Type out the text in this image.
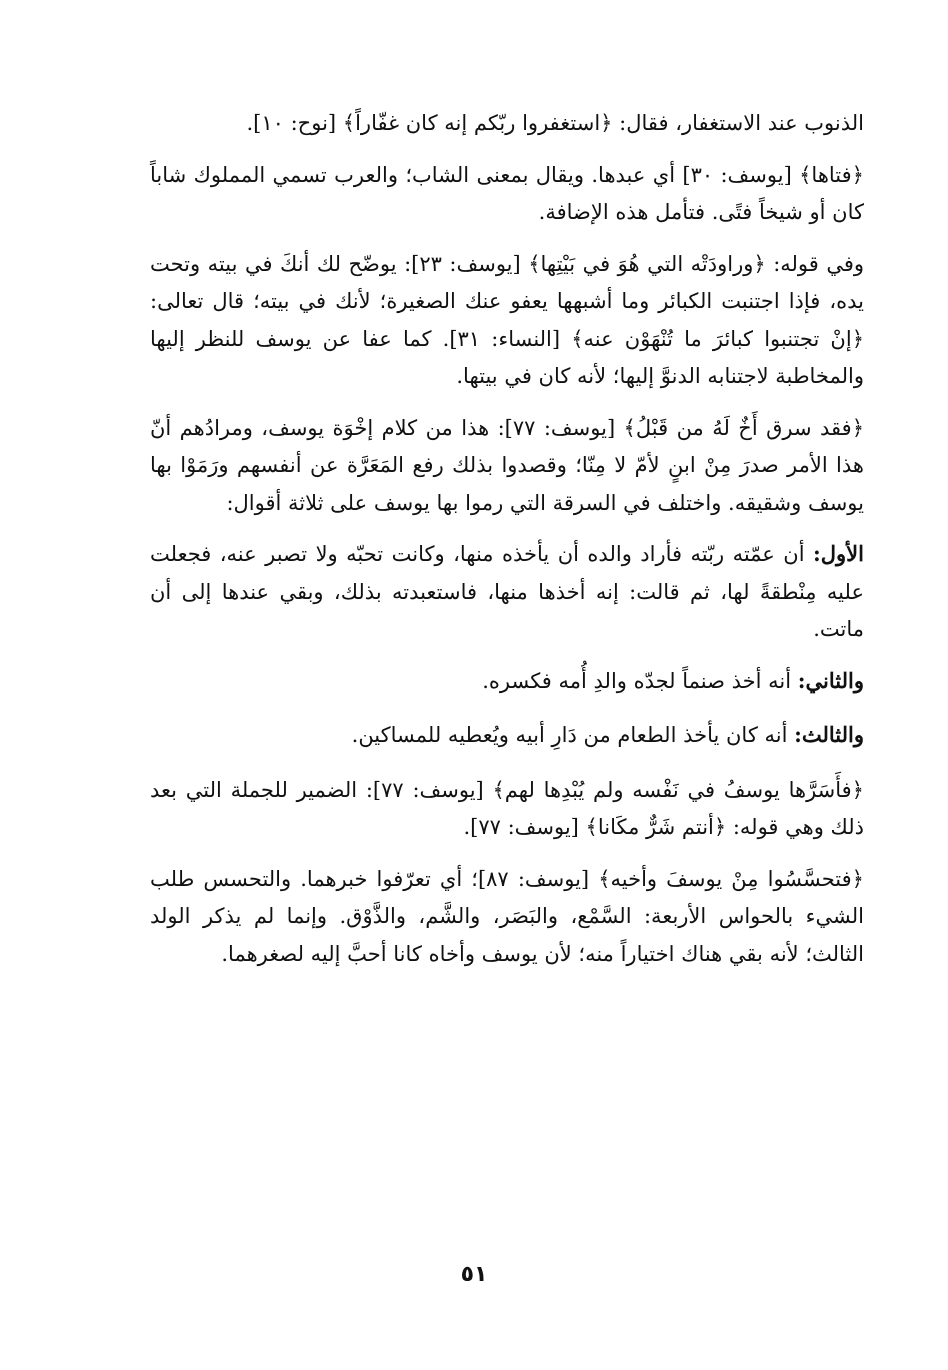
الذنوب عند الاستغفار، فقال: ﴿استغفروا ربّكم إنه كان غفّاراً﴾ [نوح: ١٠].

﴿فتاها﴾ [يوسف: ٣٠] أي عبدها. ويقال بمعنى الشاب؛ والعرب تسمي المملوك شاباً كان أو شيخاً فتًى. فتأمل هذه الإضافة.

وفي قوله: ﴿وراودَتْه التي هُوَ في بَيْتِها﴾ [يوسف: ٢٣]: يوضّح لك أنكَ في بيته وتحت يده، فإذا اجتنبت الكبائر وما أشبهها يعفو عنك الصغيرة؛ لأنك في بيته؛ قال تعالى: ﴿إنْ تجتنبوا كبائرَ ما تُنْهَوْن عنه﴾ [النساء: ٣١]. كما عفا عن يوسف للنظر إليها والمخاطبة لاجتنابه الدنوَّ إليها؛ لأنه كان في بيتها.

﴿فقد سرق أَخٌ لَهُ من قَبْلُ﴾ [يوسف: ٧٧]: هذا من كلام إخْوَة يوسف، ومرادُهم أنّ هذا الأمر صدرَ مِنْ ابنٍ لأمّ لا مِنّا؛ وقصدوا بذلك رفع المَعَرَّة عن أنفسهم ورَمَوْا بها يوسف وشقيقه. واختلف في السرقة التي رموا بها يوسف على ثلاثة أقوال:

الأول: أن عمّته ربّته فأراد والده أن يأخذه منها، وكانت تحبّه ولا تصبر عنه، فجعلت عليه مِنْطقةً لها، ثم قالت: إنه أخذها منها، فاستعبدته بذلك، وبقي عندها إلى أن ماتت.

والثاني: أنه أخذ صنماً لجدّه والدِ أُمه فكسره.

والثالث: أنه كان يأخذ الطعام من دَارِ أبيه ويُعطيه للمساكين.

﴿فأَسَرَّها يوسفُ في نَفْسه ولم يُبْدِها لهم﴾ [يوسف: ٧٧]: الضمير للجملة التي بعد ذلك وهي قوله: ﴿أنتم شَرٌّ مكَانا﴾ [يوسف: ٧٧].

﴿فتحسَّسُوا مِنْ يوسفَ وأخيه﴾ [يوسف: ٨٧]؛ أي تعرّفوا خبرهما. والتحسس طلب الشيء بالحواس الأربعة: السَّمْع، والبَصَر، والشَّم، والذَّوْق. وإنما لم يذكر الولد الثالث؛ لأنه بقي هناك اختياراً منه؛ لأن يوسف وأخاه كانا أحبَّ إليه لصغرهما.

٥١
